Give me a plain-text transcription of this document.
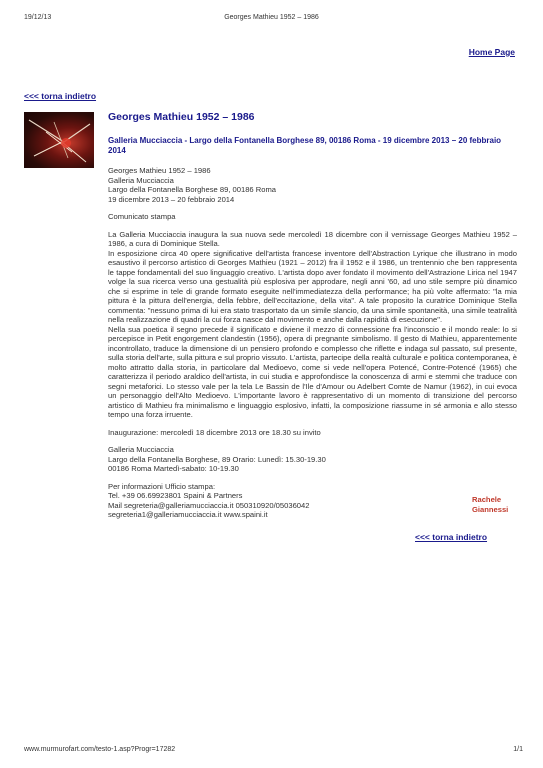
19/12/13	Georges Mathieu 1952 – 1986
Home Page
<<< torna indietro
Georges Mathieu 1952 – 1986
Galleria Mucciaccia - Largo della Fontanella Borghese 89, 00186 Roma - 19 dicembre 2013 – 20 febbraio 2014
Georges Mathieu 1952 – 1986
Galleria Mucciaccia
Largo della Fontanella Borghese 89, 00186 Roma
19 dicembre 2013 – 20 febbraio 2014
Comunicato stampa

La Galleria Mucciaccia inaugura la sua nuova sede mercoledì 18 dicembre con il vernissage Georges Mathieu 1952 – 1986, a cura di Dominique Stella.

In esposizione circa 40 opere significative dell'artista francese inventore dell'Abstraction Lyrique che illustrano in modo esaustivo il percorso artistico di Georges Mathieu (1921 – 2012) fra il 1952 e il 1986, un trentennio che ben rappresenta le tappe fondamentali del suo linguaggio creativo. L'artista dopo aver fondato il movimento dell'Astrazione Lirica nel 1947 volge la sua ricerca verso una gestualità più esplosiva per approdare, negli anni '60, ad uno stile sempre più dinamico che si esprime in tele di grande formato eseguite nell'immediatezza della performance; ha più volte affermato: "la mia pittura è la pittura dell'energia, della febbre, dell'eccitazione, della vita". A tale proposito la curatrice Dominique Stella commenta: "nessuno prima di lui era stato trasportato da un simile slancio, da una simile spontaneità, una simile teatralità nella realizzazione di quadri la cui forza nasce dal movimento e anche dalla rapidità di esecuzione".

Nella sua poetica il segno precede il significato e diviene il mezzo di connessione fra l'inconscio e il mondo reale: lo si percepisce in Petit engorgement clandestin (1956), opera di pregnante simbolismo. Il gesto di Mathieu, apparentemente incontrollato, traduce la dimensione di un pensiero profondo e complesso che riflette e indaga sul passato, sul presente, sulla storia dell'arte, sulla pittura e sul proprio vissuto. L'artista, partecipe della realtà culturale e politica contemporanea, è molto attratto dalla storia, in particolare dal Medioevo, come si vede nell'opera Potencé, Contre-Potencé (1965) che caratterizza il periodo araldico dell'artista, in cui studia e approfondisce la conoscenza di armi e stemmi che traduce con segni metaforici. Lo stesso vale per la tela Le Bassin de l'Ile d'Amour ou Adelbert Comte de Namur (1962), in cui evoca un personaggio dell'Alto Medioevo. L'importante lavoro è rappresentativo di un momento di transizione del percorso artistico di Mathieu fra minimalismo e linguaggio esplosivo, infatti, la composizione riassume in sé armonia e allo stesso tempo una forza irruente.

Inaugurazione: mercoledì 18 dicembre 2013 ore 18.30 su invito
Galleria Mucciaccia
Largo della Fontanella Borghese, 89 Orario: Lunedì: 15.30-19.30
00186 Roma Martedì-sabato: 10-19.30
Per informazioni Ufficio stampa:
Tel. +39 06.69923801 Spaini & Partners
Mail segreteria@galleriamucciaccia.it 050310920/05036042
segreteria1@galleriamucciaccia.it www.spaini.it
Rachele
Giannessi
<<< torna indietro
www.murmurofart.com/testo-1.asp?Progr=17282	1/1
